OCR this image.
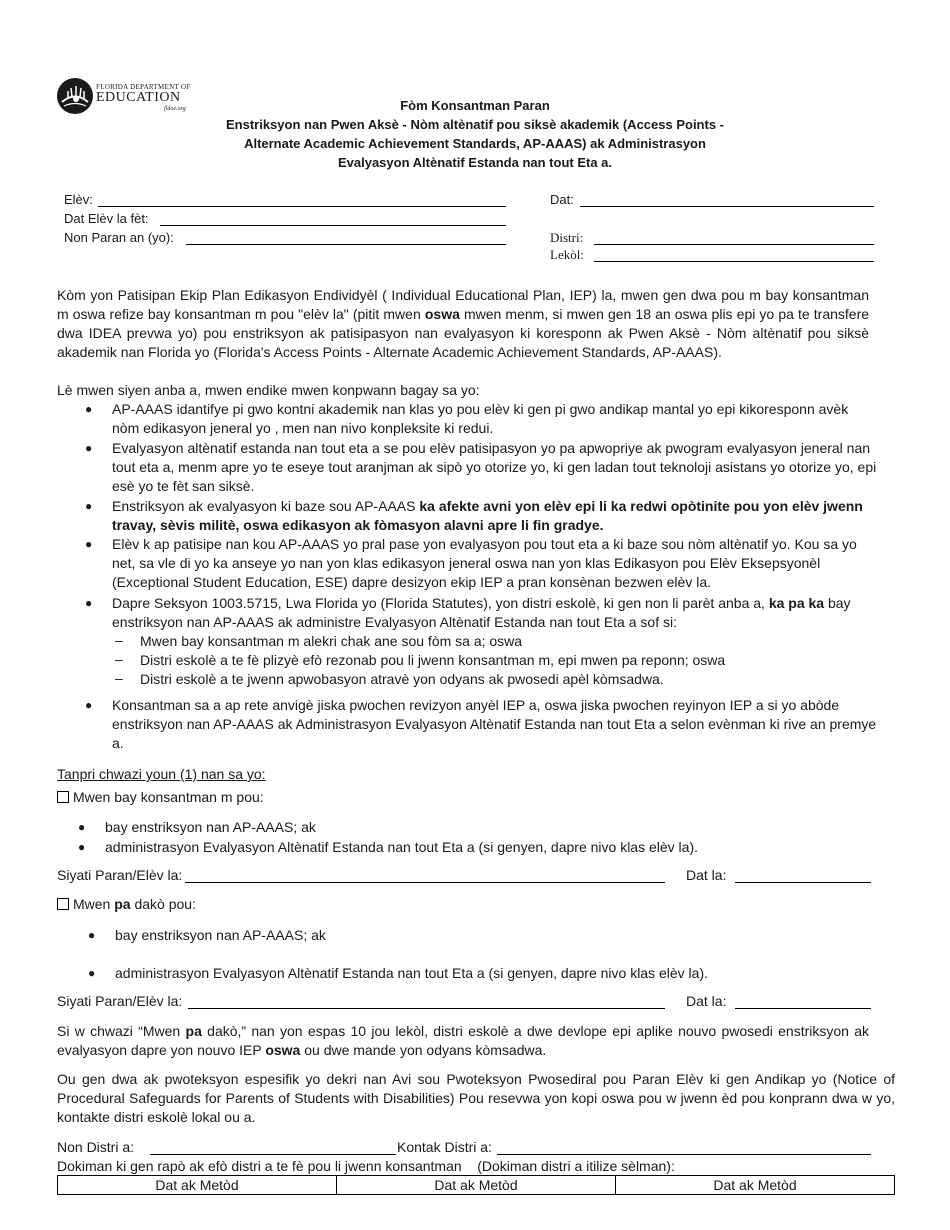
FLORIDA DEPARTMENT OF
EDUCATION
fldoe.org	Fòm Konsantman Paran
Enstriksyon nan Pwen Aksè - Nòm altènatif pou siksè akademik (Access Points -
Alternate Academic Achievement Standards, AP-AAAS) ak Administrasyon
Evalyasyon Altènatif Estanda nan tout Eta a.
Elèv:
Dat Elèv la fèt:
Non Paran an (yo):
Dat:
Distri:
Lekòl:
Kòm yon Patisipan Ekip Plan Edikasyon Endividyèl ( Individual Educational Plan, IEP) la, mwen gen dwa pou m bay konsantman m oswa refize bay konsantman m pou "elèv la" (pitit mwen oswa mwen menm, si mwen gen 18 an oswa plis epi yo pa te transfere dwa IDEA prevwa yo) pou enstriksyon ak patisipasyon nan evalyasyon ki koresponn ak Pwen Aksè - Nòm altènatif pou siksè akademik nan Florida yo (Florida's Access Points - Alternate Academic Achievement Standards, AP-AAAS).
Lè mwen siyen anba a, mwen endike mwen konpwann bagay sa yo:
● AP-AAAS idantifye pi gwo kontni akademik nan klas yo pou elèv ki gen pi gwo andikap mantal yo epi kikoresponn avèk nòm edikasyon jeneral yo , men nan nivo konpleksite ki redui.
● Evalyasyon altènatif estanda nan tout eta a se pou elèv patisipasyon yo pa apwopriye ak pwogram evalyasyon jeneral nan tout eta a, menm apre yo te eseye tout aranjman ak sipò yo otorize yo, ki gen ladan tout teknoloji asistans yo otorize yo, epi esè yo te fèt san siksè.
● Enstriksyon ak evalyasyon ki baze sou AP-AAAS ka afekte avni yon elèv epi li ka redwi opòtinite pou yon elèv jwenn travay, sèvis militè, oswa edikasyon ak fòmasyon alavni apre li fin gradye.
● Elèv k ap patisipe nan kou AP-AAAS yo pral pase yon evalyasyon pou tout eta a ki baze sou nòm altènatif yo. Kou sa yo net, sa vle di yo ka anseye yo nan yon klas edikasyon jeneral oswa nan yon klas Edikasyon pou Elèv Eksepsyonèl (Exceptional Student Education, ESE) dapre desizyon ekip IEP a pran konsènan bezwen elèv la.
● Dapre Seksyon 1003.5715, Lwa Florida yo (Florida Statutes), yon distri eskolè, ki gen non li parèt anba a, ka pa ka bay enstriksyon nan AP-AAAS ak administre Evalyasyon Altènatif Estanda nan tout Eta a sof si:
– Mwen bay konsantman m alekri chak ane sou fòm sa a; oswa
– Distri eskolè a te fè plizyè efò rezonab pou li jwenn konsantman m, epi mwen pa reponn; oswa
– Distri eskolè a te jwenn apwobasyon atravè yon odyans ak pwosedi apèl kòmsadwa.
● Konsantman sa a ap rete anvigè jiska pwochen revizyon anyèl IEP a, oswa jiska pwochen reyinyon IEP a si yo abòde enstriksyon nan AP-AAAS ak Administrasyon Evalyasyon Altènatif Estanda nan tout Eta a selon evènman ki rive an premye a.
Tanpri chwazi youn (1) nan sa yo:
Mwen bay konsantman m pou:
● bay enstriksyon nan AP-AAAS; ak
● administrasyon Evalyasyon Altènatif Estanda nan tout Eta a (si genyen, dapre nivo klas elèv la).
Siyati Paran/Elèv la:	Dat la:
Mwen pa dakò pou:
● bay enstriksyon nan AP-AAAS; ak
● administrasyon Evalyasyon Altènatif Estanda nan tout Eta a (si genyen, dapre nivo klas elèv la).
Siyati Paran/Elèv la:	Dat la:
Si w chwazi “Mwen pa dakò,” nan yon espas 10 jou lekòl, distri eskolè a dwe devlope epi aplike nouvo pwosedi enstriksyon ak evalyasyon dapre yon nouvo IEP oswa ou dwe mande yon odyans kòmsadwa.
Ou gen dwa ak pwoteksyon espesifik yo dekri nan Avi sou Pwoteksyon Pwosediral pou Paran Elèv ki gen Andikap yo (Notice of Procedural Safeguards for Parents of Students with Disabilities) Pou resevwa yon kopi oswa pou w jwenn èd pou konprann dwa w yo, kontakte distri eskolè lokal ou a.
Non Distri a:	Kontak Distri a:
Dokiman ki gen rapò ak efò distri a te fè pou li jwenn konsantman (Dokiman distri a itilize sèlman):
Dat ak Metòd	Dat ak Metòd	Dat ak Metòd
